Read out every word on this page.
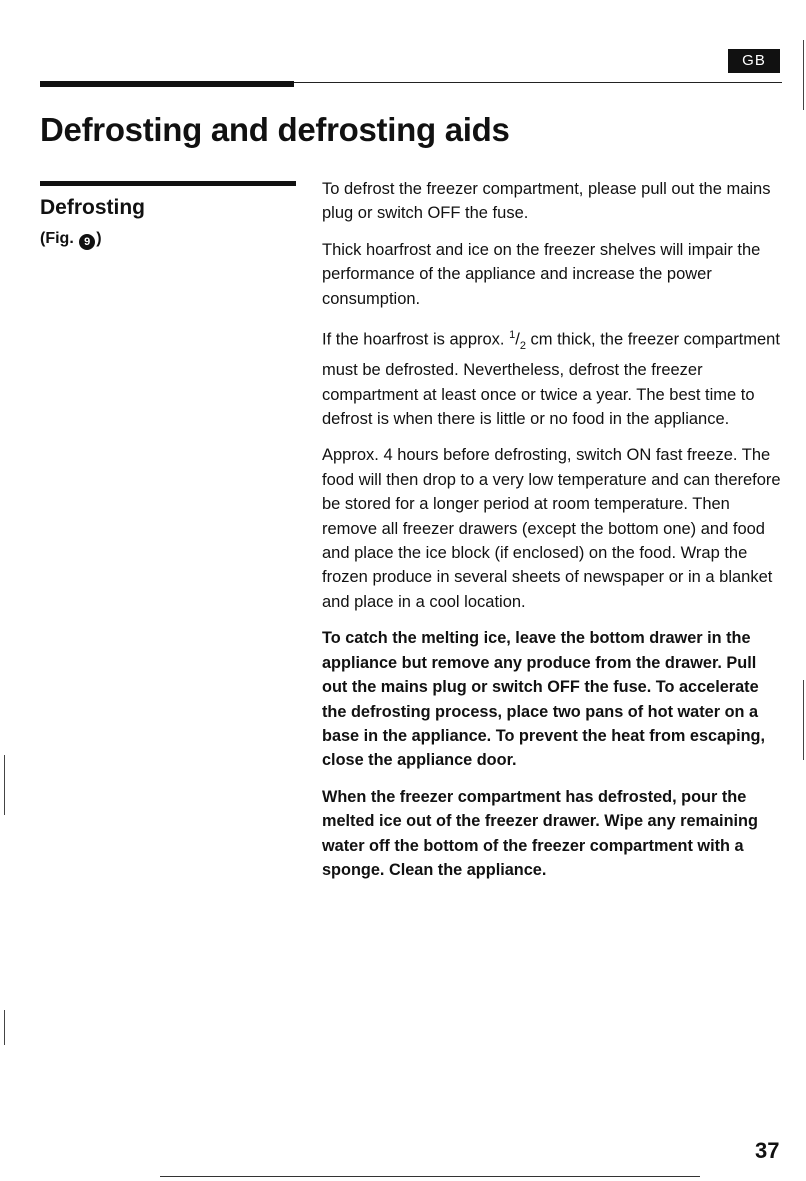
GB
Defrosting and defrosting aids
Defrosting
(Fig. 9 )

To defrost the freezer compartment, please pull out the mains plug or switch OFF the fuse.

Thick hoarfrost and ice on the freezer shelves will impair the performance of the appliance and increase the power consumption.

If the hoarfrost is approx. $^1/_2$ cm thick, the freezer compartment must be defrosted. Nevertheless, defrost the freezer compartment at least once or twice a year. The best time to defrost is when there is little or no food in the appliance.

Approx. 4 hours before defrosting, switch ON fast freeze. The food will then drop to a very low temperature and can therefore be stored for a longer period at room temperature. Then remove all freezer drawers (except the bottom one) and food and place the ice block (if enclosed) on the food. Wrap the frozen produce in several sheets of newspaper or in a blanket and place in a cool location.

To catch the melting ice, leave the bottom drawer in the appliance but remove any produce from the drawer. Pull out the mains plug or switch OFF the fuse. To accelerate the defrosting process, place two pans of hot water on a base in the appliance. To prevent the heat from escaping, close the appliance door.

When the freezer compartment has defrosted, pour the melted ice out of the freezer drawer. Wipe any remaining water off the bottom of the freezer compartment with a sponge. Clean the appliance.

37
